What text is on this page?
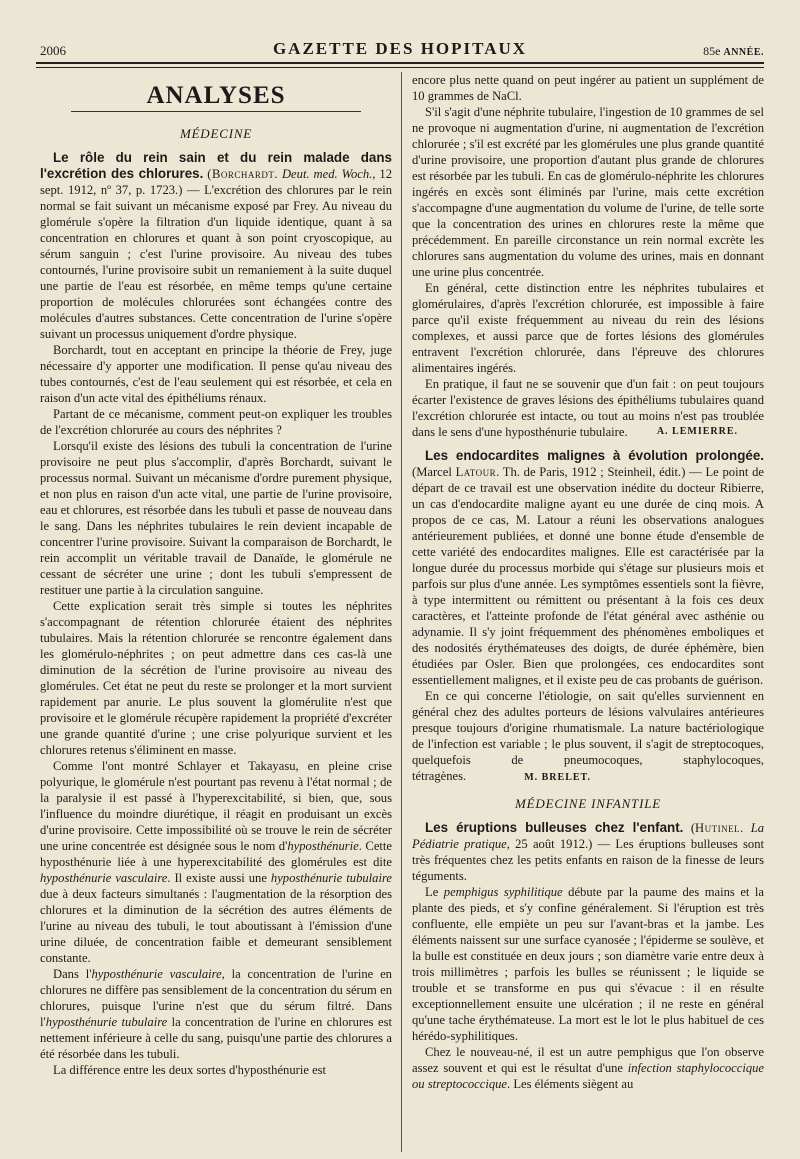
2006	GAZETTE DES HOPITAUX	85e ANNÉE.
ANALYSES
MÉDECINE

Le rôle du rein sain et du rein malade dans l'excrétion des chlorures. (Borchardt. Deut. med. Woch., 12 sept. 1912, nº 37, p. 1723.) — L'excrétion des chlorures par le rein normal se fait suivant un mécanisme exposé par Frey. Au niveau du glomérule s'opère la filtration d'un liquide identique, quant à sa concentration en chlorures et quant à son point cryoscopique, au sérum sanguin ; c'est l'urine provisoire. Au niveau des tubes contournés, l'urine provisoire subit un remaniement à la suite duquel une partie de l'eau est résorbée, en même temps qu'une certaine proportion de molécules chlorurées sont échangées contre des molécules d'autres substances. Cette concentration de l'urine s'opère suivant un processus uniquement d'ordre physique.

Borchardt, tout en acceptant en principe la théorie de Frey, juge nécessaire d'y apporter une modification. Il pense qu'au niveau des tubes contournés, c'est de l'eau seulement qui est résorbée, et cela en raison d'un acte vital des épithéliums rénaux.

Partant de ce mécanisme, comment peut-on expliquer les troubles de l'excrétion chlorurée au cours des néphrites ?

Lorsqu'il existe des lésions des tubuli la concentration de l'urine provisoire ne peut plus s'accomplir, d'après Borchardt, suivant le processus normal. Suivant un mécanisme d'ordre purement physique, et non plus en raison d'un acte vital, une partie de l'urine provisoire, eau et chlorures, est résorbée dans les tubuli et passe de nouveau dans le sang. Dans les néphrites tubulaires le rein devient incapable de concentrer l'urine provisoire. Suivant la comparaison de Borchardt, le rein accomplit un véritable travail de Danaïde, le glomérule ne cessant de sécréter une urine ; dont les tubuli s'empressent de restituer une partie à la circulation sanguine.

Cette explication serait très simple si toutes les néphrites s'accompagnant de rétention chlorurée étaient des néphrites tubulaires. Mais la rétention chlorurée se rencontre également dans les glomérulo-néphrites ; on peut admettre dans ces cas-là une diminution de la sécrétion de l'urine provisoire au niveau des glomérules. Cet état ne peut du reste se prolonger et la mort survient rapidement par anurie. Le plus souvent la glomérulite n'est que provisoire et le glomérule récupère rapidement la propriété d'excréter une grande quantité d'urine ; une crise polyurique survient et les chlorures retenus s'éliminent en masse.

Comme l'ont montré Schlayer et Takayasu, en pleine crise polyurique, le glomérule n'est pourtant pas revenu à l'état normal ; de la paralysie il est passé à l'hyperexcitabilité, si bien, que, sous l'influence du moindre diurétique, il réagit en produisant un excès d'urine provisoire. Cette impossibilité où se trouve le rein de sécréter une urine concentrée est désignée sous le nom d'hyposthénurie. Cette hyposthénurie liée à une hyperexcitabilité des glomérules est dite hyposthénurie vasculaire. Il existe aussi une hyposthénurie tubulaire due à deux facteurs simultanés : l'augmentation de la résorption des chlorures et la diminution de la sécrétion des autres éléments de l'urine au niveau des tubuli, le tout aboutissant à l'émission d'une urine diluée, de concentration faible et demeurant sensiblement constante.

Dans l'hyposthénurie vasculaire, la concentration de l'urine en chlorures ne diffère pas sensiblement de la concentration du sérum en chlorures, puisque l'urine n'est que du sérum filtré. Dans l'hyposthénurie tubulaire la concentration de l'urine en chlorures est nettement inférieure à celle du sang, puisqu'une partie des chlorures a été résorbée dans les tubuli.

La différence entre les deux sortes d'hyposthénurie est

encore plus nette quand on peut ingérer au patient un supplément de 10 grammes de NaCl.

S'il s'agit d'une néphrite tubulaire, l'ingestion de 10 grammes de sel ne provoque ni augmentation d'urine, ni augmentation de l'excrétion chlorurée ; s'il est excrété par les glomérules une plus grande quantité d'urine provisoire, une proportion d'autant plus grande de chlorures est résorbée par les tubuli. En cas de glomérulo-néphrite les chlorures ingérés en excès sont éliminés par l'urine, mais cette excrétion s'accompagne d'une augmentation du volume de l'urine, de telle sorte que la concentration des urines en chlorures reste la même que précédemment. En pareille circonstance un rein normal excrète les chlorures sans augmentation du volume des urines, mais en donnant une urine plus concentrée.

En général, cette distinction entre les néphrites tubulaires et glomérulaires, d'après l'excrétion chlorurée, est impossible à faire parce qu'il existe fréquemment au niveau du rein des lésions complexes, et aussi parce que de fortes lésions des glomérules entravent l'excrétion chlorurée, dans l'épreuve des chlorures alimentaires ingérés.

En pratique, il faut ne se souvenir que d'un fait : on peut toujours écarter l'existence de graves lésions des épithéliums tubulaires quand l'excrétion chlorurée est intacte, ou tout au moins n'est pas troublée dans le sens d'une hyposthénurie tubulaire.	A. LEMIERRE.

Les endocardites malignes à évolution prolongée. (Marcel Latour. Th. de Paris, 1912 ; Steinheil, édit.) — Le point de départ de ce travail est une observation inédite du docteur Ribierre, un cas d'endocardite maligne ayant eu une durée de cinq mois. A propos de ce cas, M. Latour a réuni les observations analogues antérieurement publiées, et donné une bonne étude d'ensemble de cette variété des endocardites malignes. Elle est caractérisée par la longue durée du processus morbide qui s'étage sur plusieurs mois et parfois sur plus d'une année. Les symptômes essentiels sont la fièvre, à type intermittent ou rémittent ou présentant à la fois ces deux caractères, et l'atteinte profonde de l'état général avec asthénie ou adynamie. Il s'y joint fréquemment des phénomènes emboliques et des nodosités érythémateuses des doigts, de durée éphémère, bien étudiées par Osler. Bien que prolongées, ces endocardites sont essentiellement malignes, et il existe peu de cas probants de guérison.

En ce qui concerne l'étiologie, on sait qu'elles surviennent en général chez des adultes porteurs de lésions valvulaires antérieures presque toujours d'origine rhumatismale. La nature bactériologique de l'infection est variable ; le plus souvent, il s'agit de streptocoques, quelquefois de pneumocoques, staphylocoques, tétragènes.	M. BRELET.

MÉDECINE INFANTILE

Les éruptions bulleuses chez l'enfant. (Hutinel. La Pédiatrie pratique, 25 août 1912.) — Les éruptions bulleuses sont très fréquentes chez les petits enfants en raison de la finesse de leurs téguments.

Le pemphigus syphilitique débute par la paume des mains et la plante des pieds, et s'y confine généralement. Si l'éruption est très confluente, elle empiète un peu sur l'avant-bras et la jambe. Les éléments naissent sur une surface cyanosée ; l'épiderme se soulève, et la bulle est constituée en deux jours ; son diamètre varie entre deux à trois millimètres ; parfois les bulles se réunissent ; le liquide se trouble et se transforme en pus qui s'évacue : il en résulte exceptionnellement ensuite une ulcération ; il ne reste en général qu'une tache érythémateuse. La mort est le lot le plus habituel de ces hérédo-syphilitiques.

Chez le nouveau-né, il est un autre pemphigus que l'on observe assez souvent et qui est le résultat d'une infection staphylococcique ou streptococcique. Les éléments siègent au
